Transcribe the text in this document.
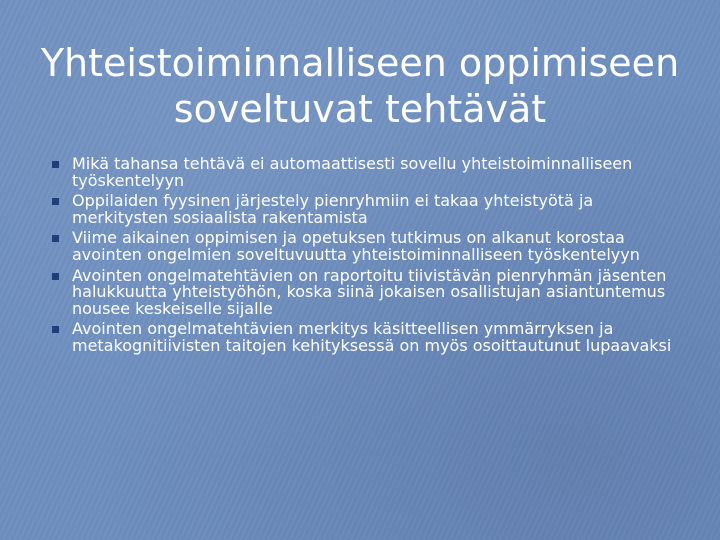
Yhteistoiminnalliseen oppimiseen
soveltuvat tehtävät
Mikä tahansa tehtävä ei automaattisesti sovellu yhteistoiminnalliseen työskentelyyn
Oppilaiden fyysinen järjestely pienryhmiin ei takaa yhteistyötä ja merkitysten sosiaalista rakentamista
Viime aikainen oppimisen ja opetuksen tutkimus on alkanut korostaa avointen ongelmien soveltuvuutta yhteistoiminnalliseen työskentelyyn
Avointen ongelmatehtävien on raportoitu tiivistävän pienryhmän jäsenten halukkuutta yhteistyöhön, koska siinä jokaisen osallistujan asiantuntemus nousee keskeiselle sijalle
Avointen ongelmatehtävien merkitys käsitteellisen ymmärryksen ja metakognitiivisten taitojen kehityksessä on myös osoittautunut lupaavaksi
